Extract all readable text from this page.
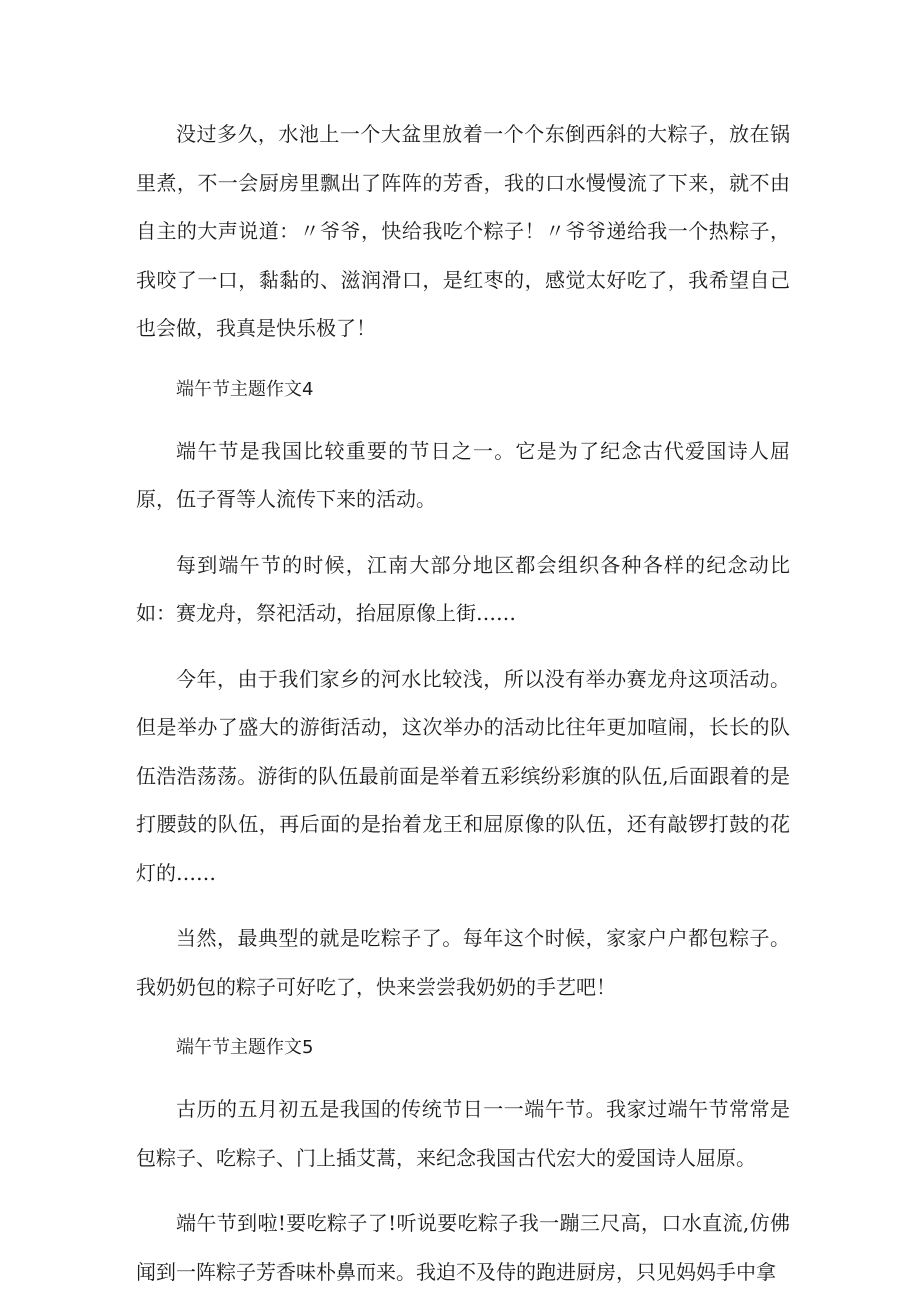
没过多久，水池上一个大盆里放着一个个东倒西斜的大粽子，放在锅里煮，不一会厨房里飘出了阵阵的芳香，我的口水慢慢流了下来，就不由自主的大声说道：〃爷爷，快给我吃个粽子！〃爷爷递给我一个热粽子，我咬了一口，黏黏的、滋润滑口，是红枣的，感觉太好吃了，我希望自己也会做，我真是快乐极了！

端午节主题作文4

端午节是我国比较重要的节日之一。它是为了纪念古代爱国诗人屈原，伍子胥等人流传下来的活动。

每到端午节的时候，江南大部分地区都会组织各种各样的纪念动比如：赛龙舟，祭祀活动，抬屈原像上街……

今年，由于我们家乡的河水比较浅，所以没有举办赛龙舟这项活动。但是举办了盛大的游街活动，这次举办的活动比往年更加喧闹，长长的队伍浩浩荡荡。游街的队伍最前面是举着五彩缤纷彩旗的队伍,后面跟着的是打腰鼓的队伍，再后面的是抬着龙王和屈原像的队伍，还有敲锣打鼓的花灯的……

当然，最典型的就是吃粽子了。每年这个时候，家家户户都包粽子。我奶奶包的粽子可好吃了，快来尝尝我奶奶的手艺吧！

端午节主题作文5

古历的五月初五是我国的传统节日一一端午节。我家过端午节常常是包粽子、吃粽子、门上插艾蒿，来纪念我国古代宏大的爱国诗人屈原。

端午节到啦!要吃粽子了!听说要吃粽子我一蹦三尺高，口水直流,仿佛闻到一阵粽子芳香味朴鼻而来。我迫不及侍的跑进厨房，只见妈妈手中拿
